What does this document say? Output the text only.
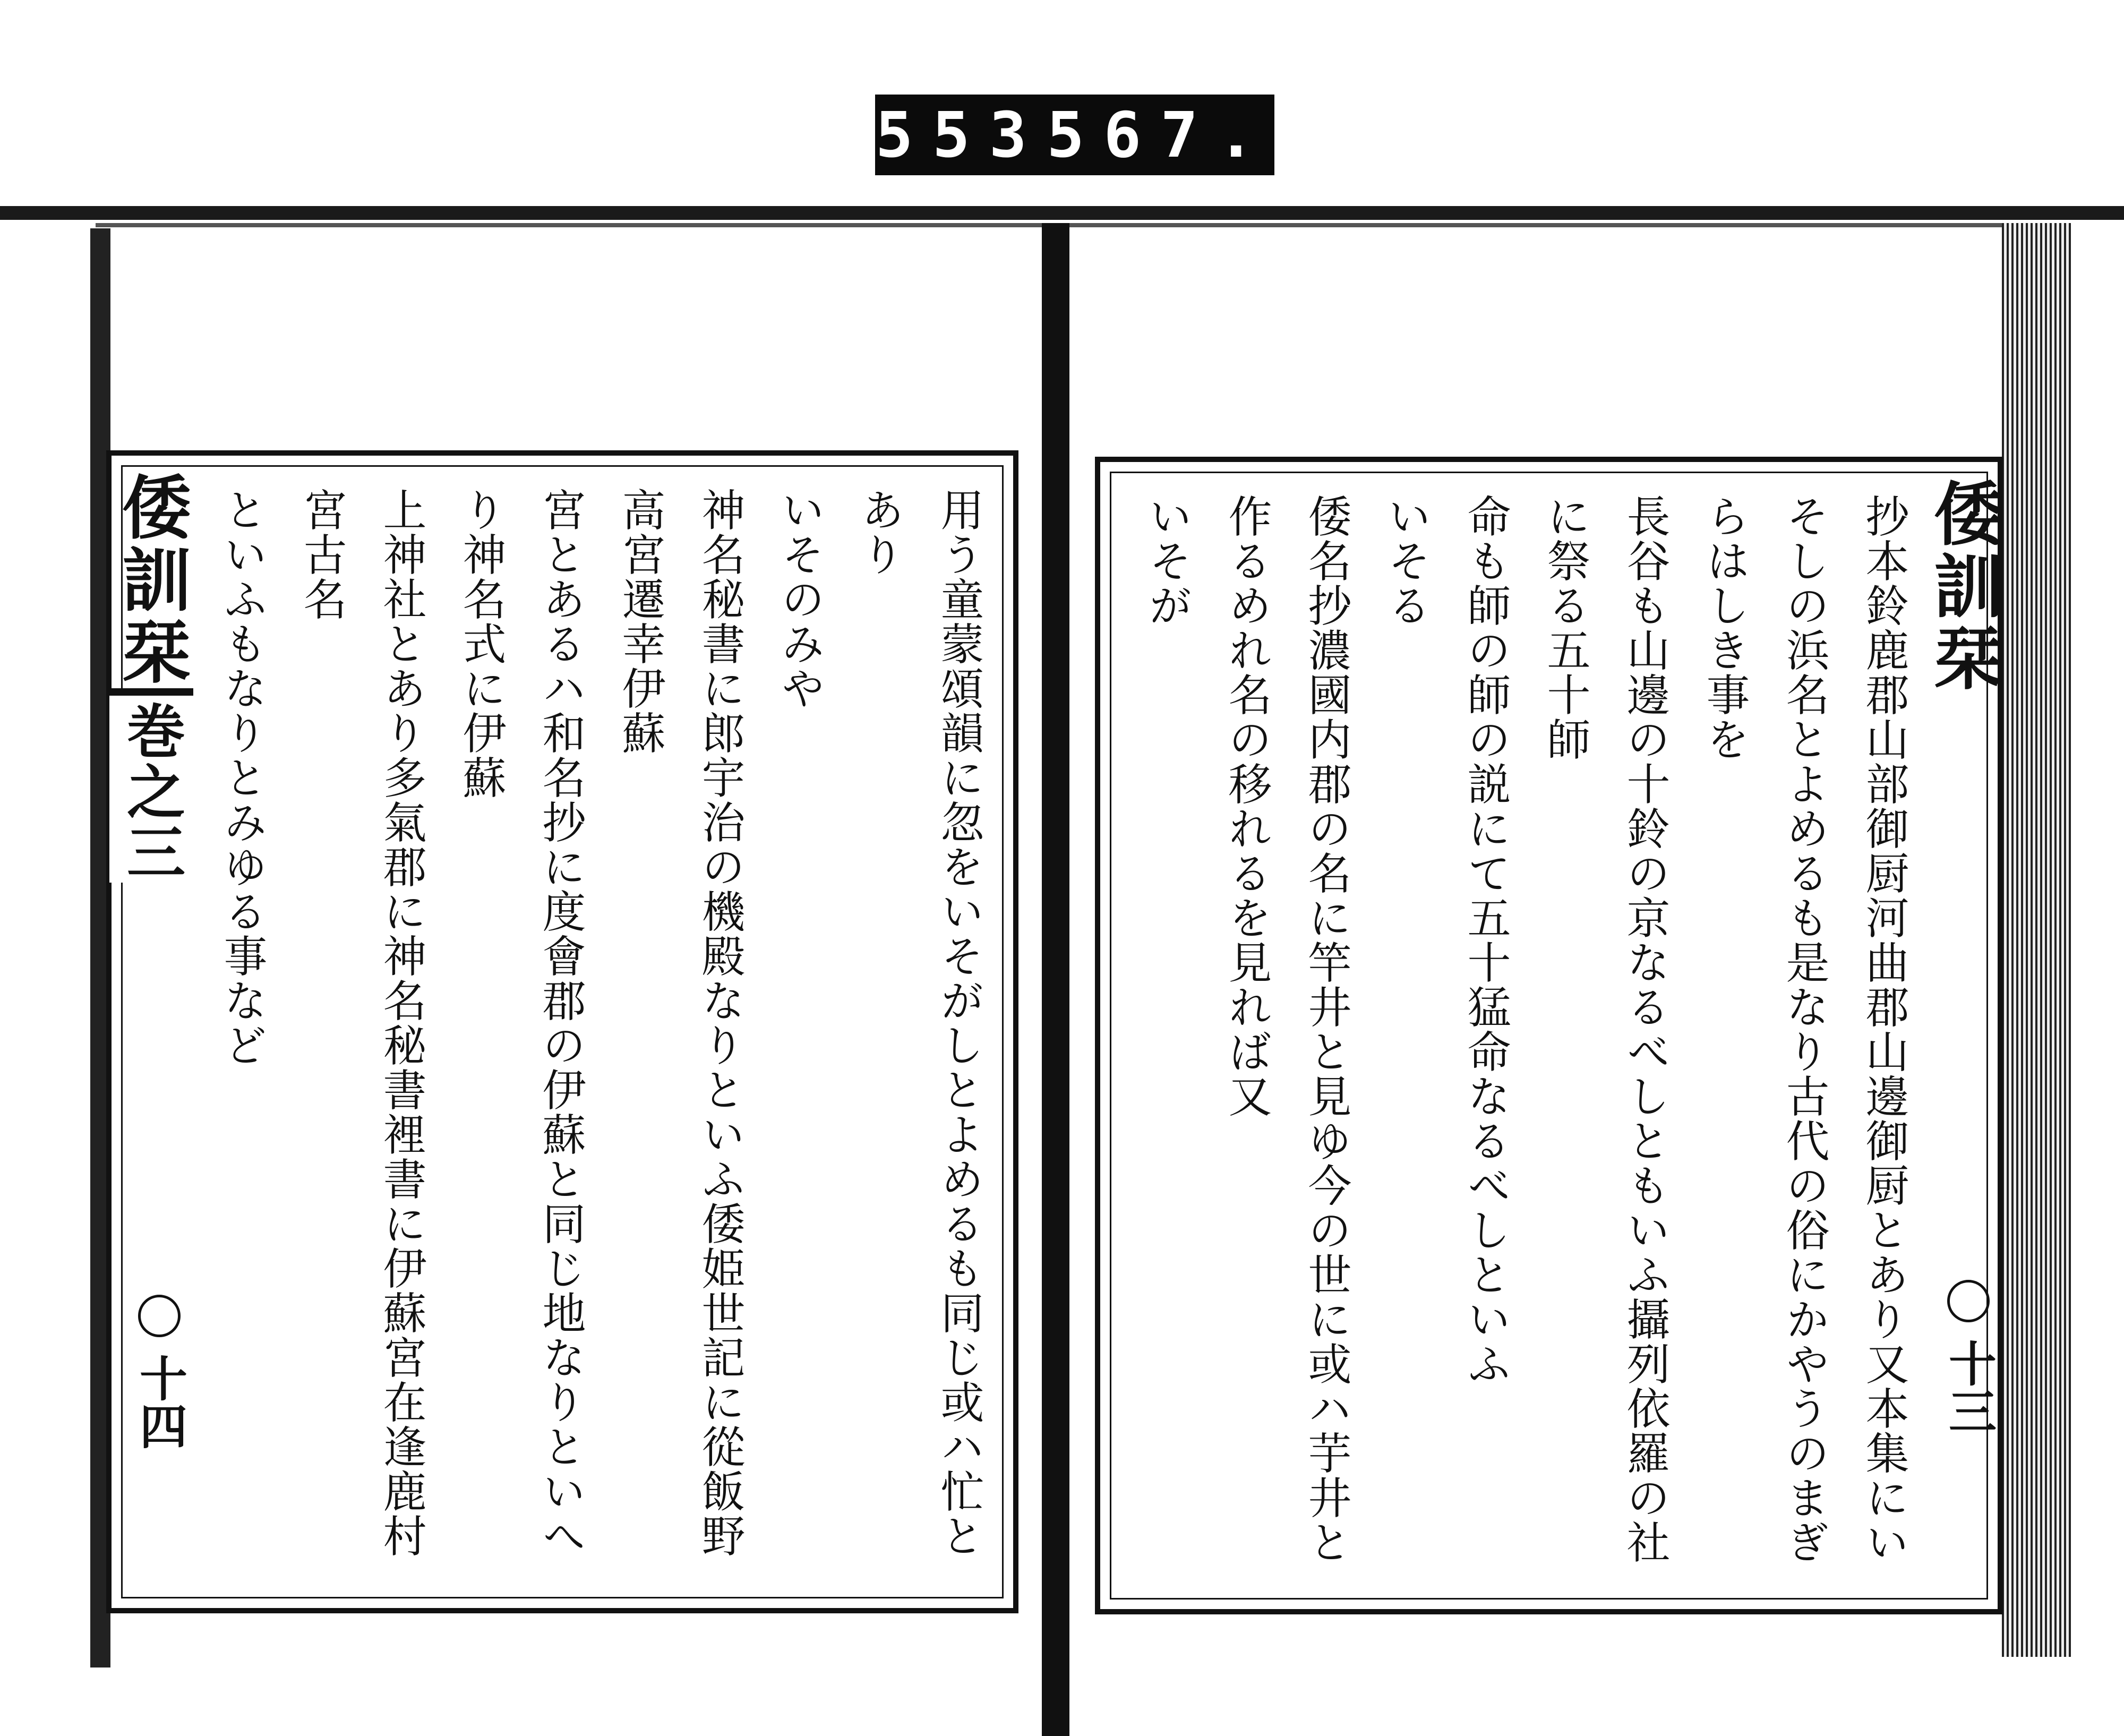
553 567.
倭訓栞
十三

抄本鈴鹿郡山部御厨河曲郡山邊御厨とあり又本集にいそしの浜名とよめるも是なり古代の俗にかやうのまぎらはしき事を

長谷も山邊の十鈴の京なるべしともいふ攝列依羅の社に祭る五十師

命も師の師の説にて五十猛命なるべしといふ

いそる

倭名抄濃國内郡の名に竿井と見ゆ今の世に或ハ芋井と

作るめれ名の移れるを見れば又

いそが

倭訓栞
巻之三
十四	用う童蒙頌韻に忽をいそがしとよめるも同じ或ハ忙とあり

いそのみや

神名秘書に郎宇治の機殿なりといふ倭姫世記に從飯野高宮遷幸伊蘇

宮とあるハ和名抄に度會郡の伊蘇と同じ地なりといへり神名式に伊蘇

上神社とあり多氣郡に神名秘書裡書に伊蘇宮在逢鹿村宮古名

といふもなりとみゆる事など
